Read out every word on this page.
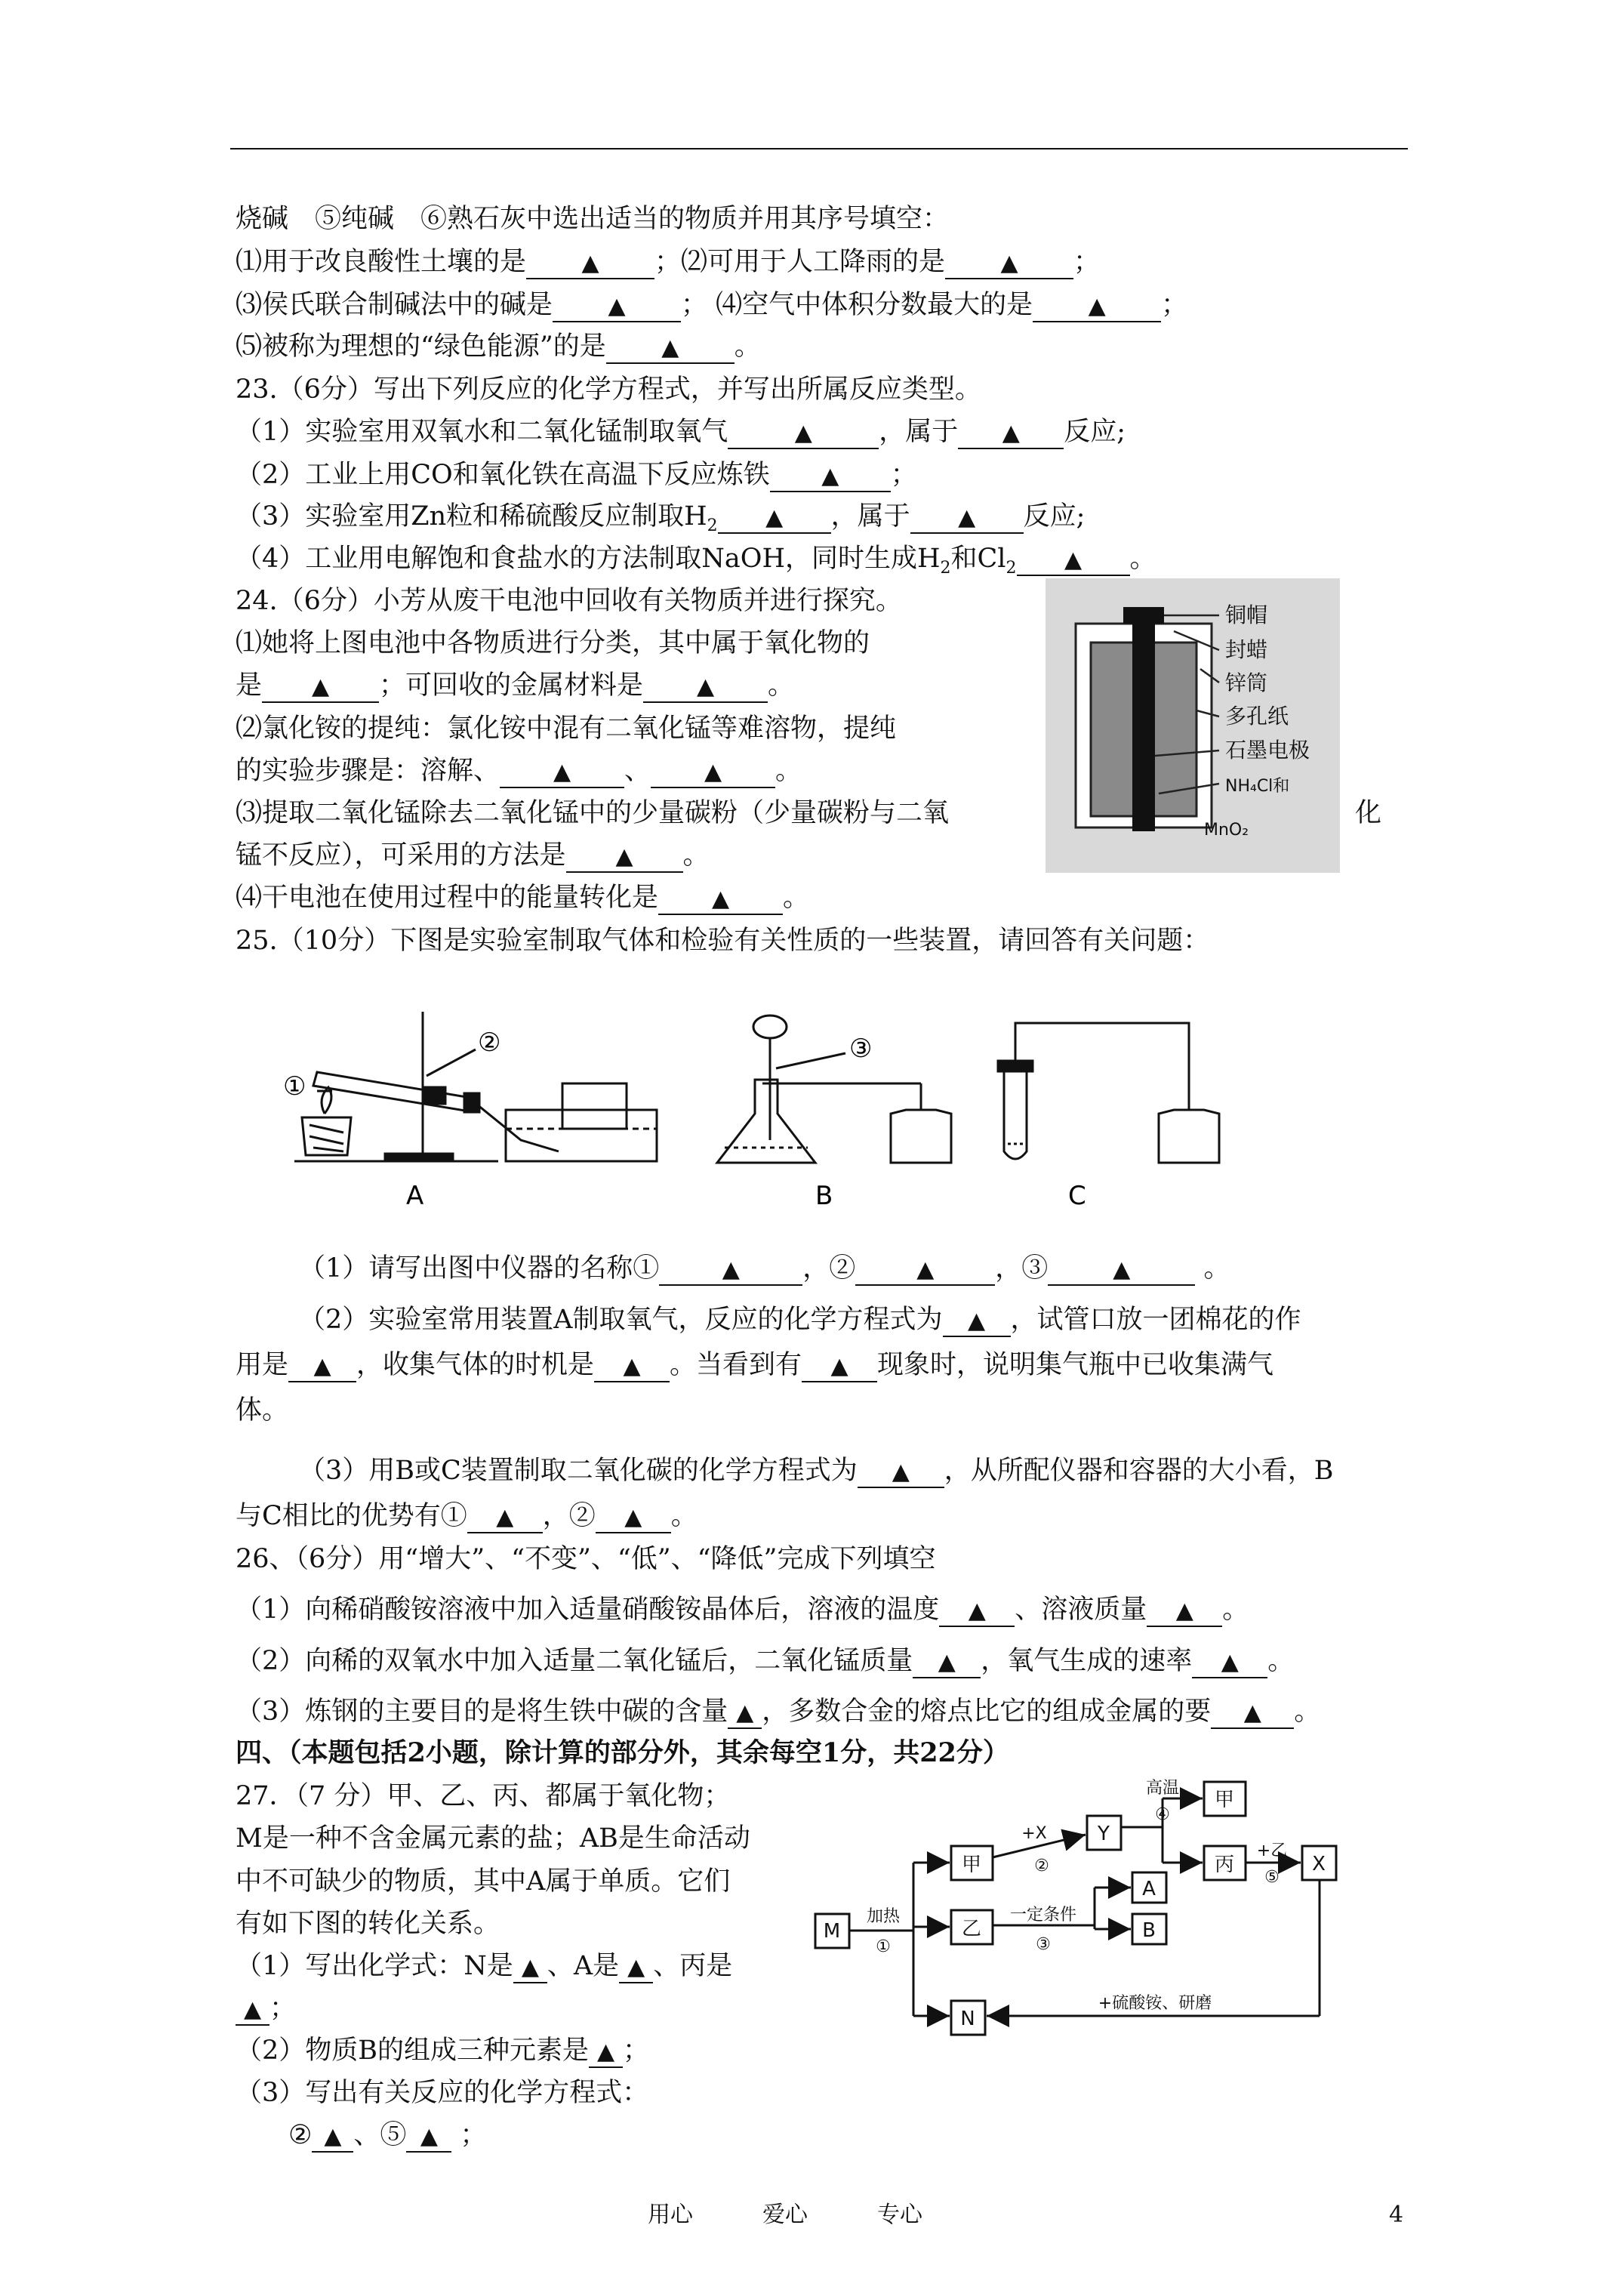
烧碱　⑤纯碱　⑥熟石灰中选出适当的物质并用其序号填空：
⑴用于改良酸性土壤的是 ▲ ；⑵可用于人工降雨的是 ▲ ；
⑶侯氏联合制碱法中的碱是 ▲ ； ⑷空气中体积分数最大的是 ▲ ；
⑸被称为理想的“绿色能源”的是 ▲ 。
23.（6分）写出下列反应的化学方程式，并写出所属反应类型。
（1）实验室用双氧水和二氧化锰制取氧气	▲	，属于 ▲ 反应;
（2）工业上用CO和氧化铁在高温下反应炼铁 ▲ ；
（3）实验室用Zn粒和稀硫酸反应制取$H_2$ ▲ ，属于 ▲ 反应;
（4）工业用电解饱和食盐水的方法制取NaOH，同时生成$H_2$和$Cl_2$ ▲ 。
24.（6分）小芳从废干电池中回收有关物质并进行探究。
⑴她将上图电池中各物质进行分类，其中属于氧化物的
是 ▲ ；可回收的金属材料是 ▲ 。
⑵氯化铵的提纯：氯化铵中混有二氧化锰等难溶物，提纯
的实验步骤是：溶解、 ▲ 、 ▲ 。
⑶提取二氧化锰除去二氧化锰中的少量碳粉（少量碳粉与二氧	化
锰不反应），可采用的方法是 ▲ 。
⑷干电池在使用过程中的能量转化是 ▲ 。
铜帽
封蜡
锌筒
多孔纸
石墨电极
NH₄Cl和
MnO₂
25.（10分）下图是实验室制取气体和检验有关性质的一些装置，请回答有关问题：
①
②	③
A	B	C
（1）请写出图中仪器的名称①	▲ ，②	▲ ，③	▲	。
（2）实验室常用装置A制取氧气，反应的化学方程式为 ▲ ，试管口放一团棉花的作
用是 ▲ ，收集气体的时机是 ▲ 。当看到有 ▲ 现象时，说明集气瓶中已收集满气
体。
（3）用B或C装置制取二氧化碳的化学方程式为 ▲ ，从所配仪器和容器的大小看，B
与C相比的优势有① ▲ ，② ▲ 。
26、（6分）用“增大”、“不变”、“低”、“降低”完成下列填空
（1）向稀硝酸铵溶液中加入适量硝酸铵晶体后，溶液的温度 ▲ 、溶液质量 ▲ 。
（2）向稀的双氧水中加入适量二氧化锰后，二氧化锰质量 ▲ ，氧气生成的速率 ▲ 。
（3）炼钢的主要目的是将生铁中碳的含量 ▲ ，多数合金的熔点比它的组成金属的要 ▲ 。
四、（本题包括2小题，除计算的部分外，其余每空1分，共22分）
27．（7 分）甲、乙、丙、都属于氧化物；
M是一种不含金属元素的盐；AB是生命活动
中不可缺少的物质，其中A属于单质。它们
有如下图的转化关系。
（1）写出化学式：N是 ▲ 、A是 ▲ 、丙是
▲ ；
（2）物质B的组成三种元素是 ▲ ；
（3）写出有关反应的化学方程式：
② ▲ 、⑤ ▲ ；
M
甲
乙
Y
甲
丙	X
A
B
N
加热
①
+X
②
一定条件
③
高温
④
+乙
⑤
+硫酸铵、研磨
用心	爱心	专心	4
